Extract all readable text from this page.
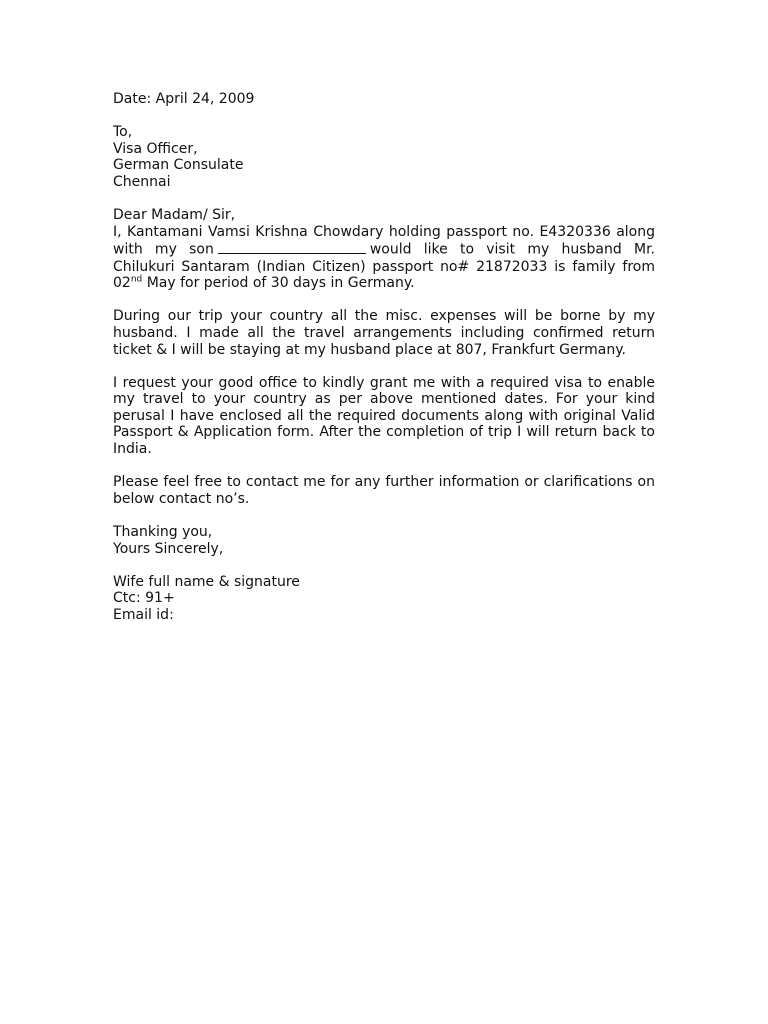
Date: April 24, 2009
To,
Visa Officer,
German Consulate
Chennai
Dear Madam/ Sir,
I, Kantamani Vamsi Krishna Chowdary holding passport no. E4320336 along with my son	would like to visit my husband Mr. Chilukuri Santaram (Indian Citizen) passport no# 21872033 is family from 02nd May for period of 30 days in Germany.
During our trip your country all the misc. expenses will be borne by my husband. I made all the travel arrangements including confirmed return ticket & I will be staying at my husband place at 807, Frankfurt Germany.
I request your good office to kindly grant me with a required visa to enable my travel to your country as per above mentioned dates. For your kind perusal I have enclosed all the required documents along with original Valid Passport & Application form. After the completion of trip I will return back to India.
Please feel free to contact me for any further information or clarifications on below contact no’s.
Thanking you,
Yours Sincerely,
Wife full name & signature
Ctc: 91+
Email id:
